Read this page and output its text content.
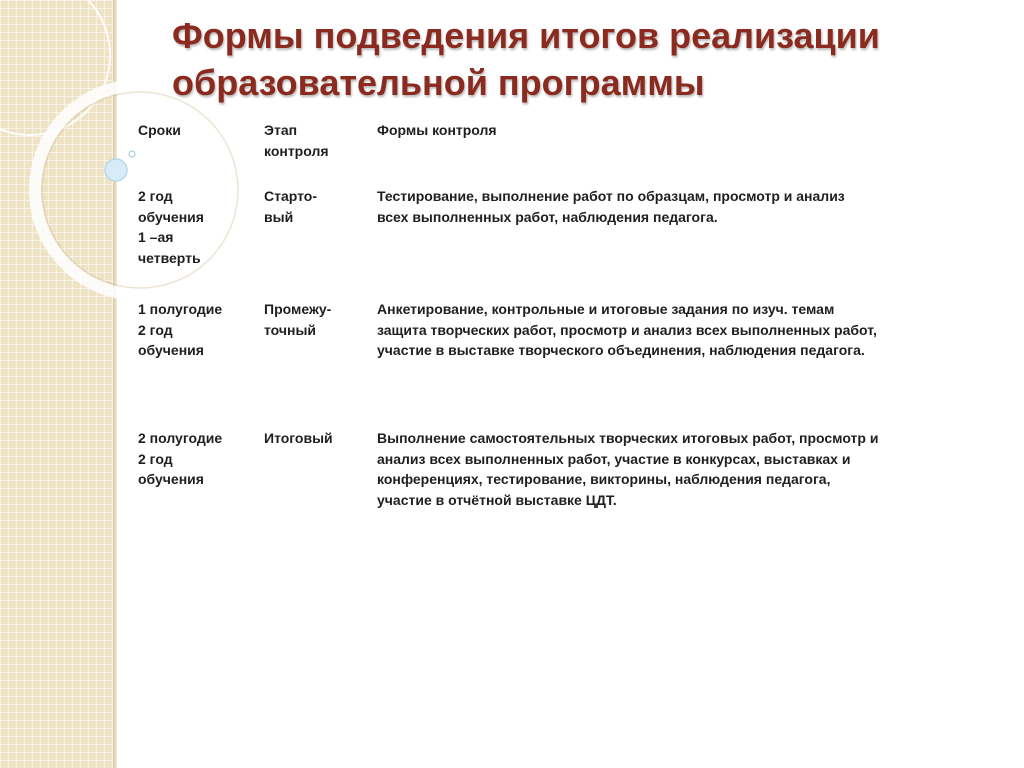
Формы подведения итогов реализации образовательной программы
Сроки	Этап
контроля
Формы контроля
2 год
обучения
1 –ая
четверть
Старто-
вый
Тестирование, выполнение работ по образцам, просмотр и анализ
всех выполненных работ, наблюдения педагога.
1 полугодие
2 год
обучения
Промежу-
точный
Анкетирование, контрольные и итоговые задания по изуч. темам
защита творческих работ, просмотр и анализ всех выполненных работ,
участие в выставке творческого объединения, наблюдения педагога.
2 полугодие
2 год
обучения
Итоговый	Выполнение самостоятельных творческих итоговых работ, просмотр и
анализ всех выполненных работ, участие в конкурсах, выставках и
конференциях, тестирование, викторины, наблюдения педагога,
участие в отчётной выставке ЦДТ.
